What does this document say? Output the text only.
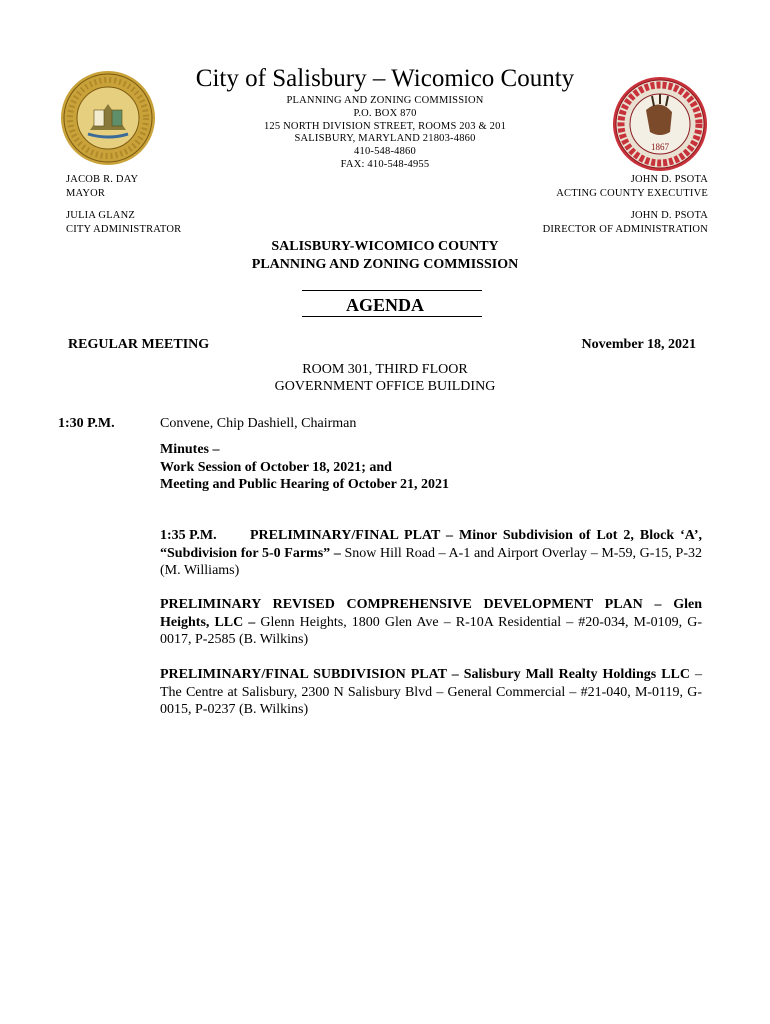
1867
City of Salisbury – Wicomico County
PLANNING AND ZONING COMMISSION
P.O. BOX 870
125 NORTH DIVISION STREET, ROOMS 203 & 201
SALISBURY, MARYLAND 21803-4860
410-548-4860
FAX: 410-548-4955
JACOB R. DAY
MAYOR
JULIA GLANZ
CITY ADMINISTRATOR
JOHN D. PSOTA
ACTING COUNTY EXECUTIVE
JOHN D. PSOTA
DIRECTOR OF ADMINISTRATION
SALISBURY-WICOMICO COUNTY
PLANNING AND ZONING COMMISSION
AGENDA
REGULAR MEETING	November 18, 2021
ROOM 301, THIRD FLOOR
GOVERNMENT OFFICE BUILDING
1:30 P.M.	Convene, Chip Dashiell, Chairman
Minutes –
Work Session of October 18, 2021; and
Meeting and Public Hearing of October 21, 2021
1:35 P.M. PRELIMINARY/FINAL PLAT – Minor Subdivision of Lot 2, Block ‘A’, “Subdivision for 5-0 Farms” – Snow Hill Road – A-1 and Airport Overlay – M-59, G-15, P-32 (M. Williams)
PRELIMINARY REVISED COMPREHENSIVE DEVELOPMENT PLAN – Glen Heights, LLC – Glenn Heights, 1800 Glen Ave – R-10A Residential – #20-034, M-0109, G-0017, P-2585 (B. Wilkins)
PRELIMINARY/FINAL SUBDIVISION PLAT – Salisbury Mall Realty Holdings LLC – The Centre at Salisbury, 2300 N Salisbury Blvd – General Commercial – #21-040, M-0119, G-0015, P-0237 (B. Wilkins)
